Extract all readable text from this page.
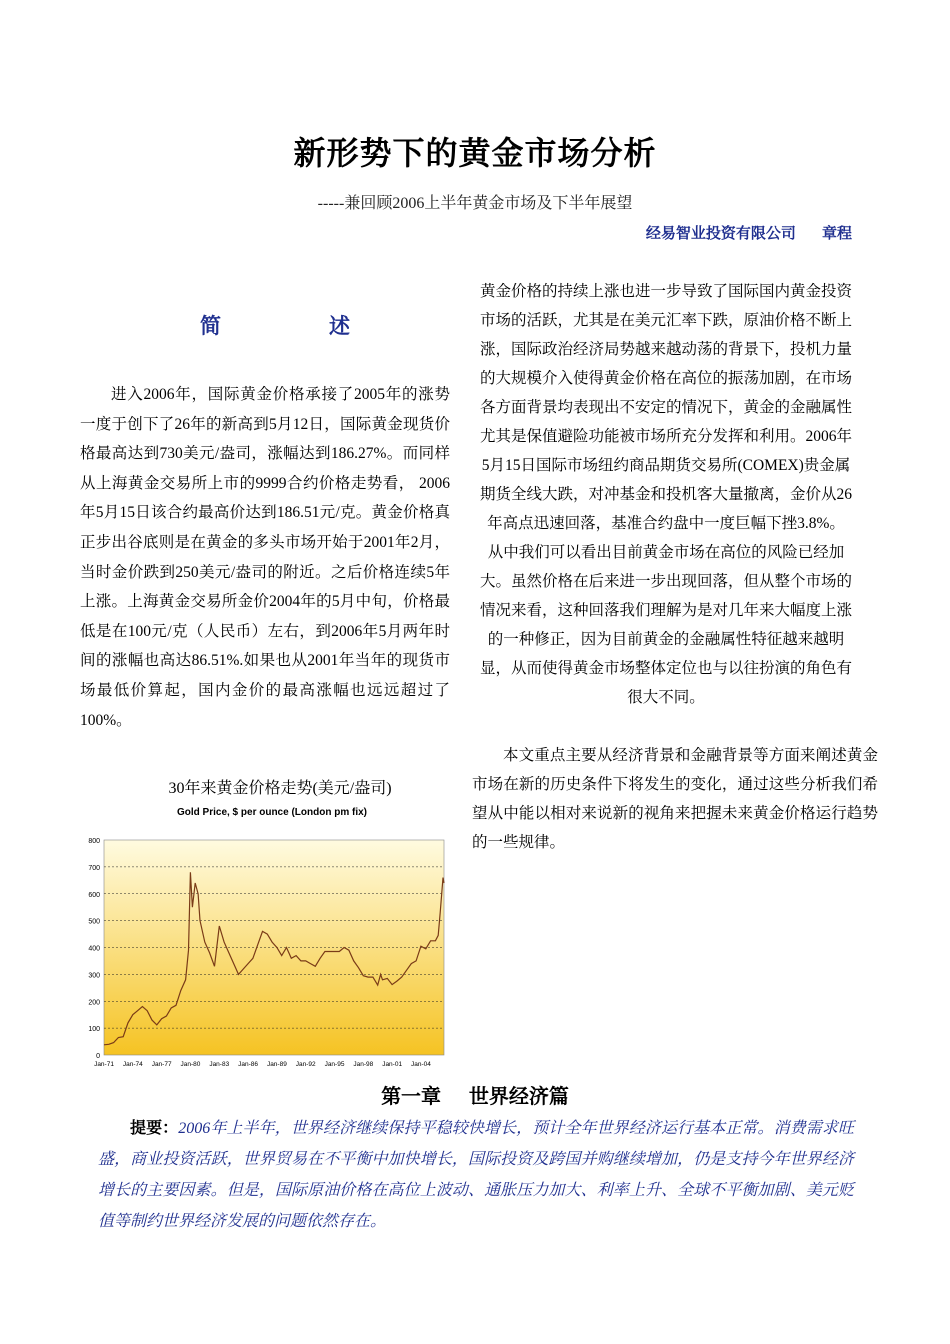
新形势下的黄金市场分析
-----兼回顾2006上半年黄金市场及下半年展望
经易智业投资有限公司     章程
简	述
进入2006年，国际黄金价格承接了2005年的涨势一度于创下了26年的新高到5月12日，国际黄金现货价格最高达到730美元/盎司，涨幅达到186.27%。而同样从上海黄金交易所上市的9999合约价格走势看， 2006年5月15日该合约最高价达到186.51元/克。黄金价格真正步出谷底则是在黄金的多头市场开始于2001年2月，当时金价跌到250美元/盎司的附近。之后价格连续5年上涨。上海黄金交易所金价2004年的5月中旬，价格最低是在100元/克（人民币）左右，到2006年5月两年时间的涨幅也高达86.51%.如果也从2001年当年的现货市场最低价算起，国内金价的最高涨幅也远远超过了100%。
黄金价格的持续上涨也进一步导致了国际国内黄金投资市场的活跃，尤其是在美元汇率下跌，原油价格不断上涨，国际政治经济局势越来越动荡的背景下，投机力量的大规模介入使得黄金价格在高位的振荡加剧，在市场各方面背景均表现出不安定的情况下，黄金的金融属性尤其是保值避险功能被市场所充分发挥和利用。2006年5月15日国际市场纽约商品期货交易所(COMEX)贵金属期货全线大跌，对冲基金和投机客大量撤离，金价从26年高点迅速回落，基准合约盘中一度巨幅下挫3.8%。从中我们可以看出目前黄金市场在高位的风险已经加大。虽然价格在后来进一步出现回落，但从整个市场的情况来看，这种回落我们理解为是对几年来大幅度上涨的一种修正，因为目前黄金的金融属性特征越来越明显，从而使得黄金市场整体定位也与以往扮演的角色有很大不同。
本文重点主要从经济背景和金融背景等方面来阐述黄金市场在新的历史条件下将发生的变化，通过这些分析我们希望从中能以相对来说新的视角来把握未来黄金价格运行趋势的一些规律。
30年来黄金价格走势(美元/盎司)
Gold Price, $ per ounce (London pm fix)
0
100
200
300
400
500
600
700
800
Jan-71 Jan-74 Jan-77 Jan-80 Jan-83 Jan-86 Jan-89 Jan-92 Jan-95 Jan-98 Jan-01 Jan-04
第一章    世界经济篇
提要：2006年上半年，世界经济继续保持平稳较快增长，预计全年世界经济运行基本正常。消费需求旺盛，商业投资活跃，世界贸易在不平衡中加快增长，国际投资及跨国并购继续增加，仍是支持今年世界经济增长的主要因素。但是，国际原油价格在高位上波动、通胀压力加大、利率上升、全球不平衡加剧、美元贬值等制约世界经济发展的问题依然存在。
